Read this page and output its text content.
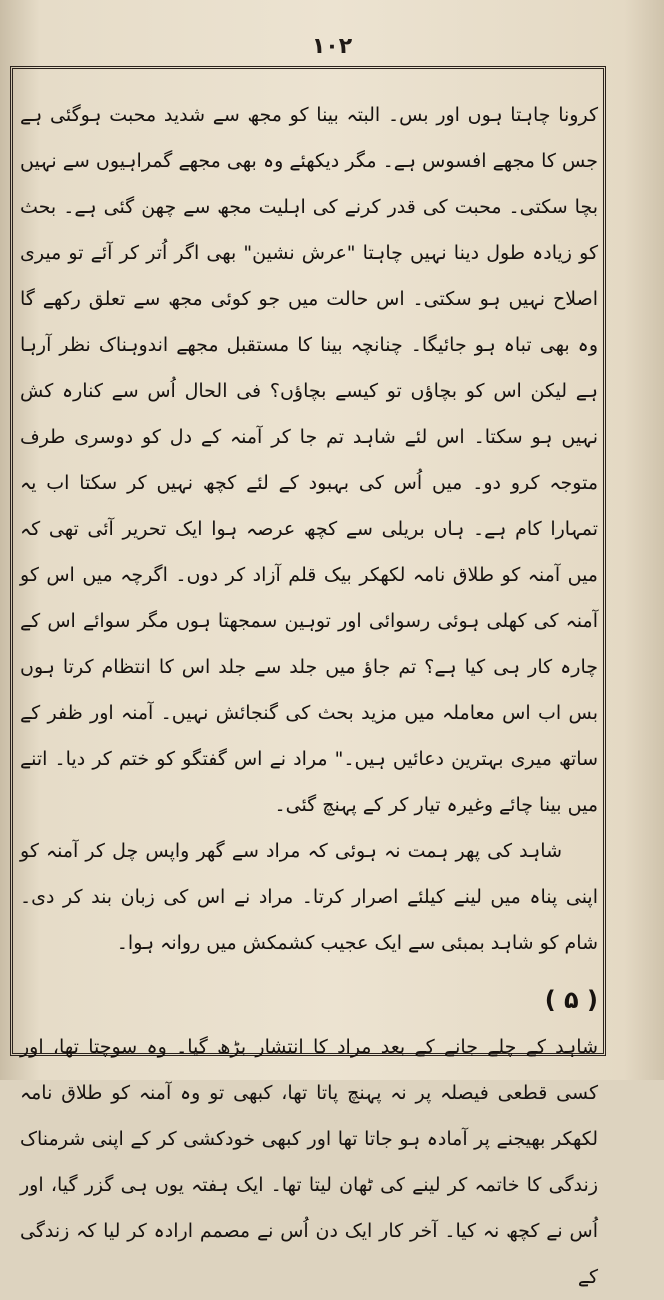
۱۰۲

کرونا چاہتا ہوں اور بس۔ البتہ بینا کو مجھ سے شدید محبت ہوگئی ہے جس کا مجھے افسوس ہے۔ مگر دیکھئے وہ بھی مجھے گمراہیوں سے نہیں بچا سکتی۔ محبت کی قدر کرنے کی اہلیت مجھ سے چھن گئی ہے۔ بحث کو زیادہ طول دینا نہیں چاہتا "عرش نشین" بھی اگر اُتر کر آئے تو میری اصلاح نہیں ہو سکتی۔ اس حالت میں جو کوئی مجھ سے تعلق رکھے گا وہ بھی تباہ ہو جائیگا۔ چنانچہ بینا کا مستقبل مجھے اندوہناک نظر آرہا ہے لیکن اس کو بچاؤں تو کیسے بچاؤں؟ فی الحال اُس سے کنارہ کش نہیں ہو سکتا۔ اس لئے شاہد تم جا کر آمنہ کے دل کو دوسری طرف متوجہ کرو دو۔ میں اُس کی بہبود کے لئے کچھ نہیں کر سکتا اب یہ تمہارا کام ہے۔ ہاں بریلی سے کچھ عرصہ ہوا ایک تحریر آئی تھی کہ میں آمنہ کو طلاق نامہ لکھکر بیک قلم آزاد کر دوں۔ اگرچہ میں اس کو آمنہ کی کھلی ہوئی رسوائی اور توہین سمجھتا ہوں مگر سوائے اس کے چارہ کار ہی کیا ہے؟ تم جاؤ میں جلد سے جلد اس کا انتظام کرتا ہوں بس اب اس معاملہ میں مزید بحث کی گنجائش نہیں۔ آمنہ اور ظفر کے ساتھ میری بہترین دعائیں ہیں۔" مراد نے اس گفتگو کو ختم کر دیا۔ اتنے میں بینا چائے وغیرہ تیار کر کے پہنچ گئی۔

شاہد کی پھر ہمت نہ ہوئی کہ مراد سے گھر واپس چل کر آمنہ کو اپنی پناہ میں لینے کیلئے اصرار کرتا۔ مراد نے اس کی زبان بند کر دی۔ شام کو شاہد بمبئی سے ایک عجیب کشمکش میں روانہ ہوا۔

( ۵ )

شاہد کے چلے جانے کے بعد مراد کا انتشار بڑھ گیا۔ وہ سوچتا تھا، اور کسی قطعی فیصلہ پر نہ پہنچ پاتا تھا، کبھی تو وہ آمنہ کو طلاق نامہ لکھکر بھیجنے پر آمادہ ہو جاتا تھا اور کبھی خودکشی کر کے اپنی شرمناک زندگی کا خاتمہ کر لینے کی ٹھان لیتا تھا۔ ایک ہفتہ یوں ہی گزر گیا، اور اُس نے کچھ نہ کیا۔ آخر کار ایک دن اُس نے مصمم ارادہ کر لیا کہ زندگی کے
